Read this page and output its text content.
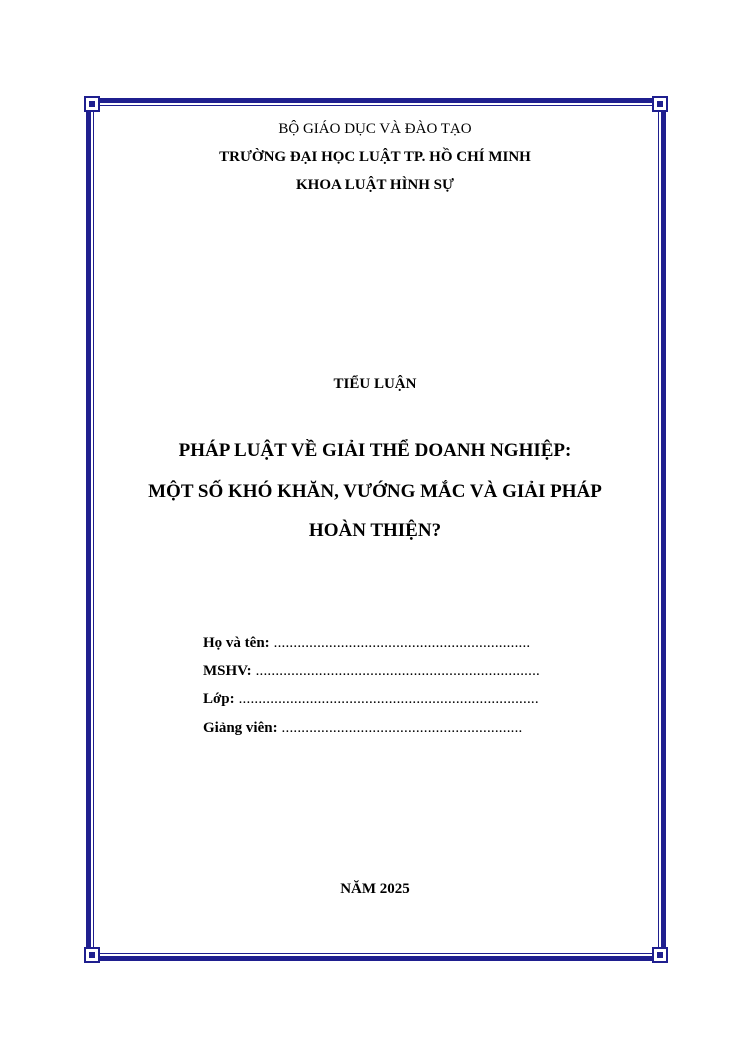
BỘ GIÁO DỤC VÀ ĐÀO TẠO
TRƯỜNG ĐẠI HỌC LUẬT TP. HỒ CHÍ MINH
KHOA LUẬT HÌNH SỰ
TIỂU LUẬN
PHÁP LUẬT VỀ GIẢI THỂ DOANH NGHIỆP:
MỘT SỐ KHÓ KHĂN, VƯỚNG MẮC VÀ GIẢI PHÁP
HOÀN THIỆN?
Họ và tên: .................................................................
MSHV: ........................................................................
Lớp: ............................................................................
Giảng viên: .............................................................
NĂM 2025
